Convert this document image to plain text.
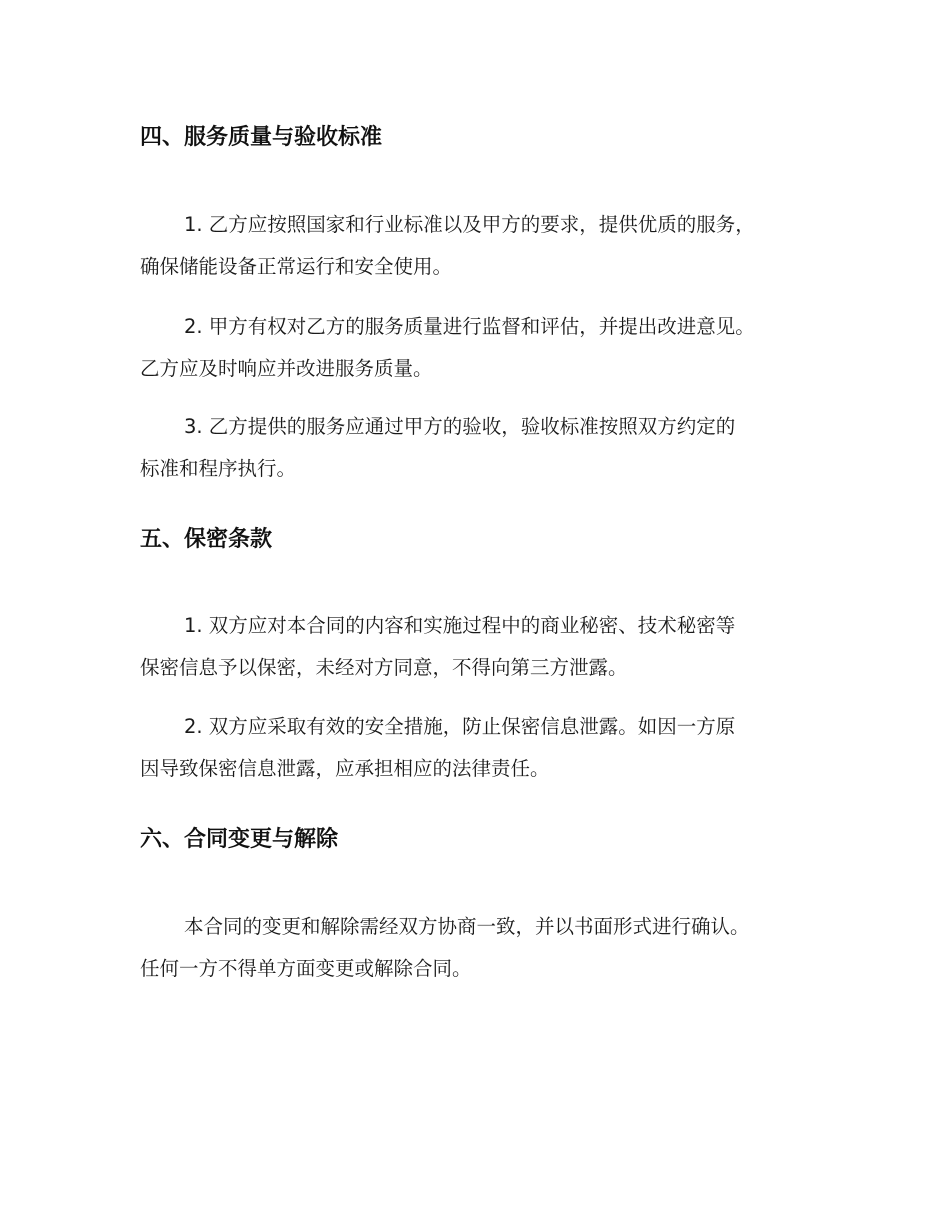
四、服务质量与验收标准
1. 乙方应按照国家和行业标准以及甲方的要求，提供优质的服务，
确保储能设备正常运行和安全使用。
2. 甲方有权对乙方的服务质量进行监督和评估，并提出改进意见。
乙方应及时响应并改进服务质量。
3. 乙方提供的服务应通过甲方的验收，验收标准按照双方约定的
标准和程序执行。
五、保密条款
1. 双方应对本合同的内容和实施过程中的商业秘密、技术秘密等
保密信息予以保密，未经对方同意，不得向第三方泄露。
2. 双方应采取有效的安全措施，防止保密信息泄露。如因一方原
因导致保密信息泄露，应承担相应的法律责任。
六、合同变更与解除
本合同的变更和解除需经双方协商一致，并以书面形式进行确认。
任何一方不得单方面变更或解除合同。
